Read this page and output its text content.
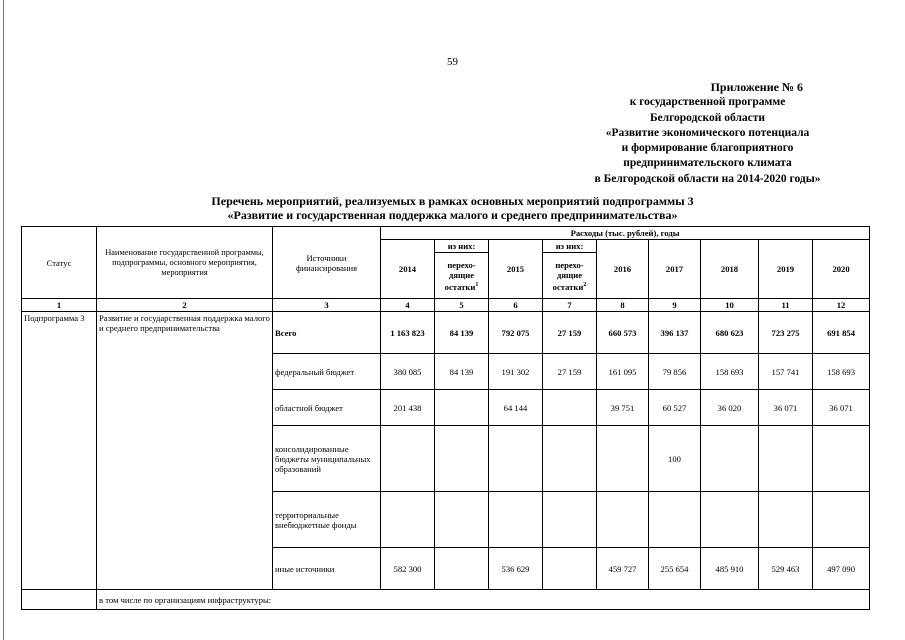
59
Приложение № 6
к государственной программе
Белгородской области
«Развитие экономического потенциала
и формирование благоприятного
предпринимательского климата
в Белгородской области на 2014-2020 годы»
Перечень мероприятий, реализуемых в рамках основных мероприятий подпрограммы 3
«Развитие и государственная поддержка малого и среднего предпринимательства»
Статус	Наименование государственной программы, подпрограммы, основного мероприятия, мероприятия	Источники финансирования	Расходы (тыс. рублей), годы								
			2014	из них:	2015	из них:	2016	2017	2018	2019	2020
				перехо-дящие остатки$^1$		перехо-дящие остатки$^2$
1	2	3	4	5	6	7	8	9	10	11	12
Подпрограмма 3	Развитие и государственная поддержка малого и среднего предпринимательства	Всего	1 163 823	84 139	792 075	27 159	660 573	396 137	680 623	723 275	691 854
		федеральный бюджет	380 085	84 139	191 302	27 159	161 095	79 856	158 693	157 741	158 693
		областной бюджет	201 438		64 144		39 751	60 527	36 020	36 071	36 071
		консолидированные бюджеты муниципальных образований						100			
		территориальные внебюджетные фонды									
		иные источники	582 300		536 629		459 727	255 654	485 910	529 463	497 090
	в том числе по организациям инфраструктуры:										
